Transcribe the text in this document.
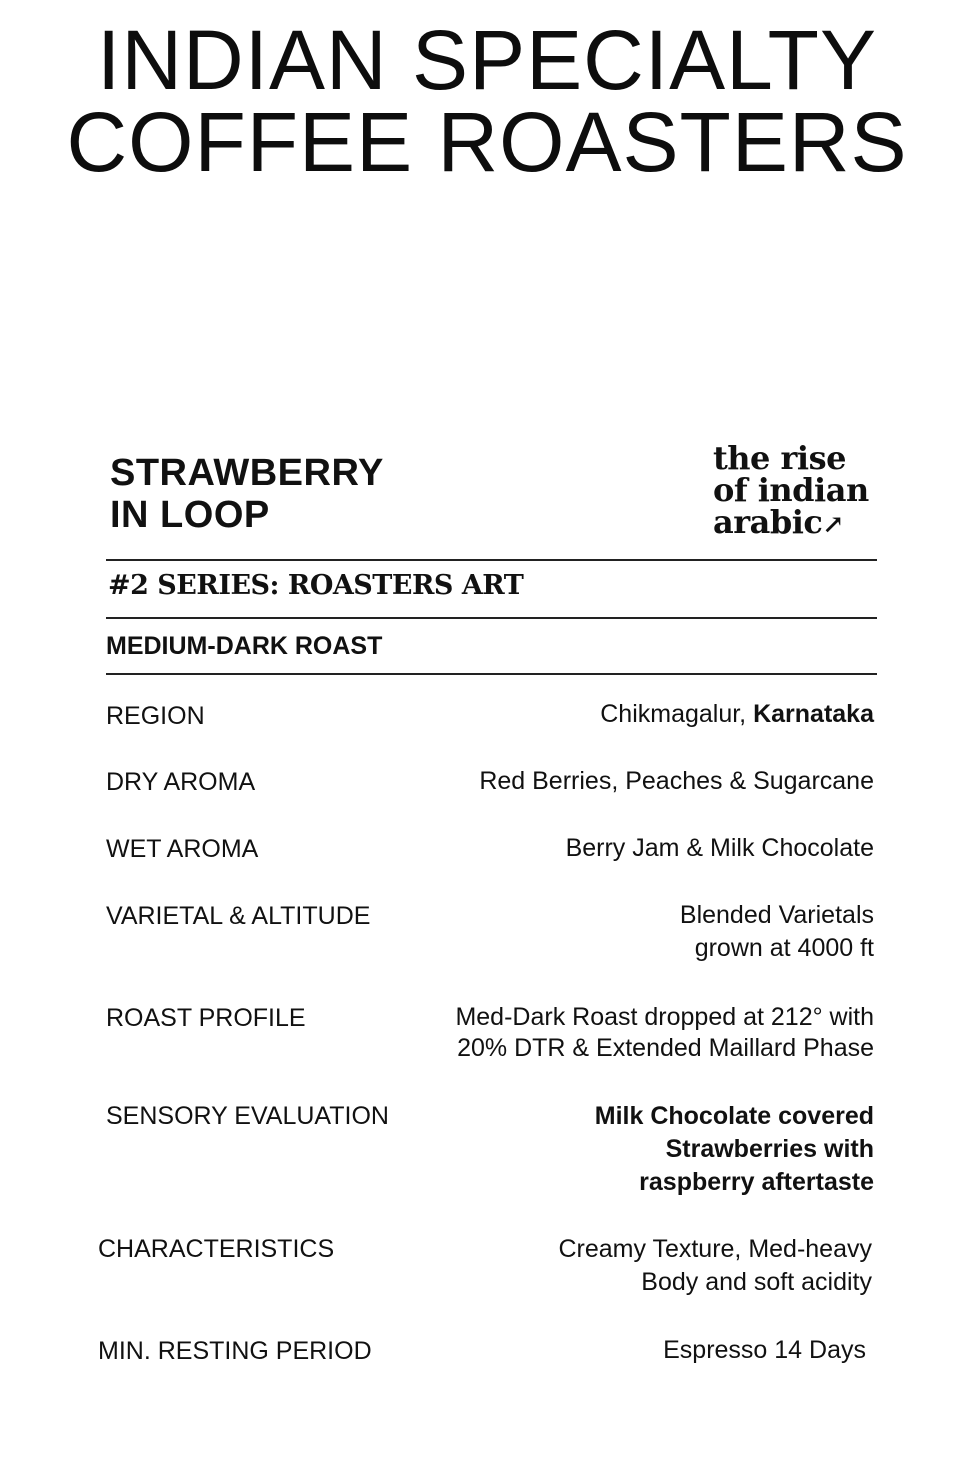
INDIAN SPECIALTY
COFFEE ROASTERS
STRAWBERRY
IN LOOP
the rise
of indian
arabic↗
#2 SERIES: ROASTERS ART
MEDIUM-DARK ROAST
REGION	Chikmagalur, Karnataka
DRY AROMA	Red Berries, Peaches & Sugarcane
WET AROMA	Berry Jam & Milk Chocolate
VARIETAL & ALTITUDE	Blended Varietals
grown at 4000 ft
ROAST PROFILE	Med-Dark Roast dropped at 212° with
20% DTR & Extended Maillard Phase
SENSORY EVALUATION	Milk Chocolate covered
Strawberries with
raspberry aftertaste
CHARACTERISTICS	Creamy Texture, Med-heavy
Body and soft acidity
MIN. RESTING PERIOD	Espresso 14 Days
